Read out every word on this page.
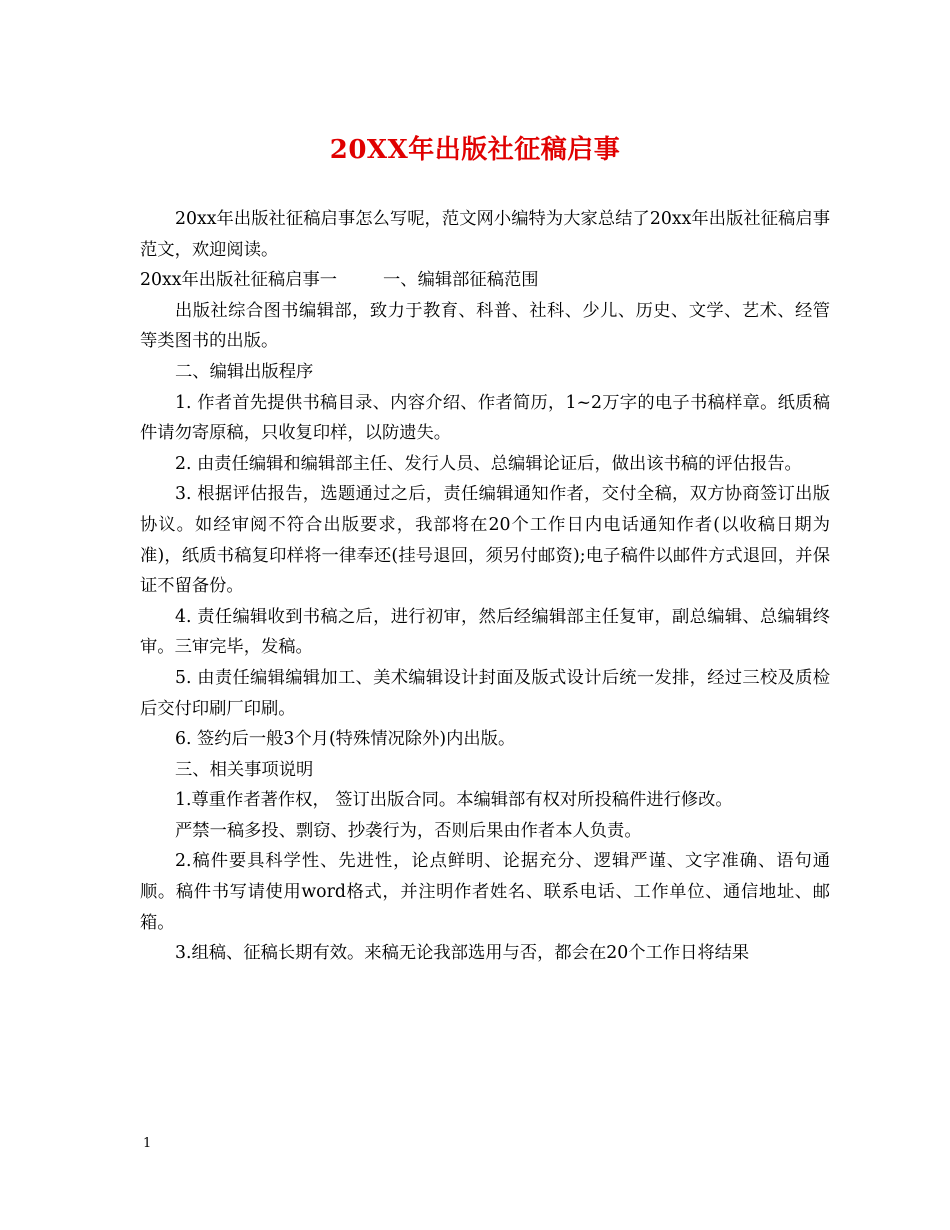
20XX年出版社征稿启事

20xx年出版社征稿启事怎么写呢，范文网小编特为大家总结了20xx年出版社征稿启事范文，欢迎阅读。

20xx年出版社征稿启事一	一、编辑部征稿范围

出版社综合图书编辑部，致力于教育、科普、社科、少儿、历史、文学、艺术、经管等类图书的出版。

二、编辑出版程序

1. 作者首先提供书稿目录、内容介绍、作者简历，1~2万字的电子书稿样章。纸质稿件请勿寄原稿，只收复印样，以防遗失。

2. 由责任编辑和编辑部主任、发行人员、总编辑论证后，做出该书稿的评估报告。

3. 根据评估报告，选题通过之后，责任编辑通知作者，交付全稿，双方协商签订出版协议。如经审阅不符合出版要求，我部将在20个工作日内电话通知作者(以收稿日期为准)，纸质书稿复印样将一律奉还(挂号退回，须另付邮资);电子稿件以邮件方式退回，并保证不留备份。

4. 责任编辑收到书稿之后，进行初审，然后经编辑部主任复审，副总编辑、总编辑终审。三审完毕，发稿。

5. 由责任编辑编辑加工、美术编辑设计封面及版式设计后统一发排，经过三校及质检后交付印刷厂印刷。

6. 签约后一般3个月(特殊情况除外)内出版。

三、相关事项说明

1.尊重作者著作权， 签订出版合同。本编辑部有权对所投稿件进行修改。

严禁一稿多投、剽窃、抄袭行为，否则后果由作者本人负责。

2.稿件要具科学性、先进性，论点鲜明、论据充分、逻辑严谨、文字准确、语句通顺。稿件书写请使用word格式，并注明作者姓名、联系电话、工作单位、通信地址、邮箱。

3.组稿、征稿长期有效。来稿无论我部选用与否，都会在20个工作日将结果

1
